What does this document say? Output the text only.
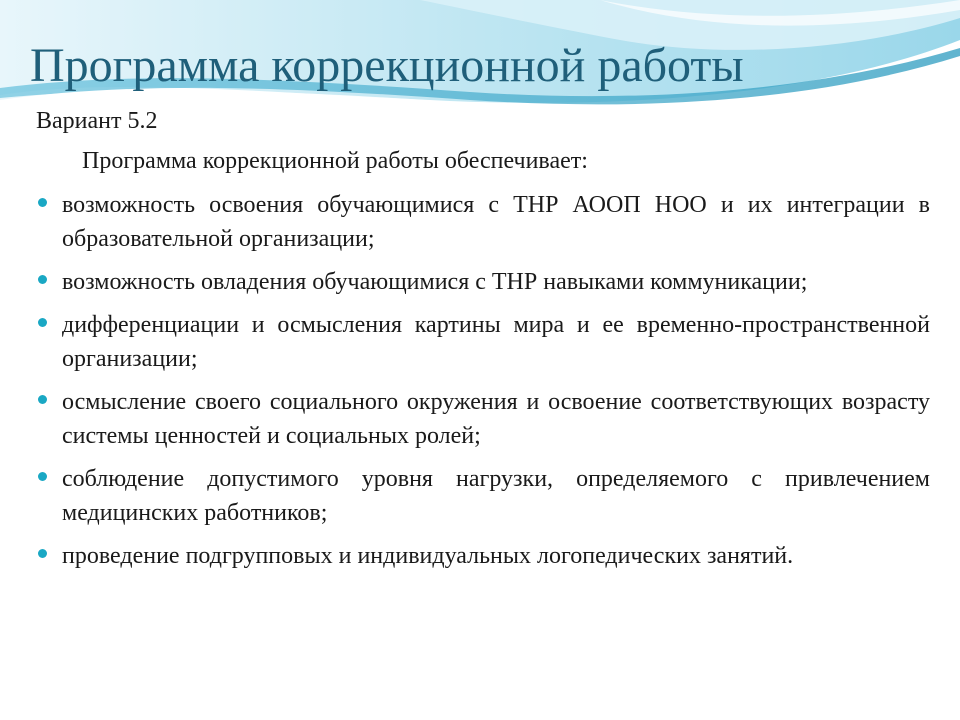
Программа коррекционной работы

Вариант 5.2

Программа коррекционной работы обеспечивает:

возможность освоения обучающимися с ТНР АООП НОО и их интеграции в образовательной организации;
возможность овладения обучающимися с ТНР навыками коммуникации;
дифференциации и осмысления картины мира и ее временно-пространственной организации;
осмысление своего социального окружения и освоение соответствующих возрасту системы ценностей и социальных ролей;
соблюдение допустимого уровня нагрузки, определяемого с привлечением медицинских работников;
проведение подгрупповых и индивидуальных логопедических занятий.
